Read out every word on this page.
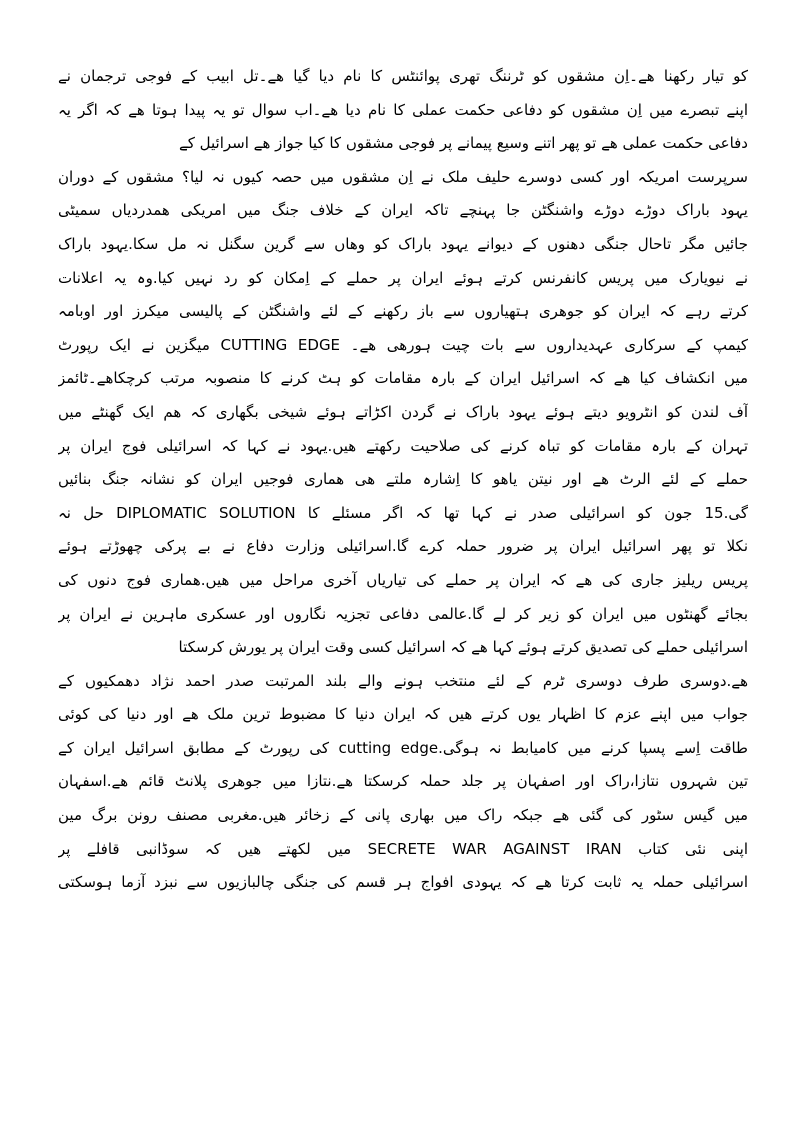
کو تیار رکھنا ھے۔اِن مشقوں کو ٹرننگ تھری پوائنٹس کا نام دیا گیا ھے۔تل ابیب کے فوجی ترجمان نے
اپنے تبصرے میں اِن مشقوں کو دفاعی حکمت عملی کا نام دیا ھے۔اب سوال تو یہ پیدا ہوتا ھے کہ اگر یہ
دفاعی حکمت عملی ھے تو پھر اتنے وسیع پیمانے پر فوجی مشقوں کا کیا جواز ھے اسرائیل کے
سرپرست امریکہ اور کسی دوسرے حلیف ملک نے اِن مشقوں میں حصہ کیوں نہ لیا؟ مشقوں کے دوران
یہود باراک دوڑے دوڑے واشنگٹن جا پہنچے تاکہ ایران کے خلاف جنگ میں امریکی ھمدردیاں سمیٹی
جائیں مگر تاحال جنگی دھنوں کے دیوانے یہود باراک کو وھاں سے گرین سگنل نہ مل سکا.یہود باراک
نے نیویارک میں پریس کانفرنس کرتے ہوئے ایران پر حملے کے اِمکان کو رد نہیں کیا.وہ یہ اعلانات
کرتے رہے کہ ایران کو جوھری ہتھیاروں سے باز رکھنے کے لئے واشنگٹن کے پالیسی میکرز اور اوبامہ
کیمپ کے سرکاری عہدیداروں سے بات چیت ہورھی ھے۔ CUTTING EDGE میگزین نے ایک رپورٹ
میں انکشاف کیا ھے کہ اسرائیل ایران کے بارہ مقامات کو ہٹ کرنے کا منصوبہ مرتب کرچکاھے۔ٹائمز
آف لندن کو انٹرویو دیتے ہوئے یہود باراک نے گردن اکڑاتے ہوئے شیخی بگھاری کہ ھم ایک گھنٹے میں
تہران کے بارہ مقامات کو تباہ کرنے کی صلاحیت رکھتے ھیں.یہود نے کہا کہ اسرائیلی فوج ایران پر
حملے کے لئے الرٹ ھے اور نیتن یاھو کا اِشارہ ملتے ھی ھماری فوجیں ایران کو نشانہ جنگ بنائیں
گی.15 جون کو اسرائیلی صدر نے کہا تھا کہ اگر مسئلے کا DIPLOMATIC SOLUTION حل نہ
نکلا تو پھر اسرائیل ایران پر ضرور حملہ کرے گا.اسرائیلی وزارت دفاع نے بے پرکی چھوڑتے ہوئے
پریس ریلیز جاری کی ھے کہ ایران پر حملے کی تیاریاں آخری مراحل میں ھیں.ھماری فوج دنوں کی
بجائے گھنٹوں میں ایران کو زیر کر لے گا.عالمی دفاعی تجزیہ نگاروں اور عسکری ماہرین نے ایران پر
اسرائیلی حملے کی تصدیق کرتے ہوئے کہا ھے کہ اسرائیل کسی وقت ایران پر یورش کرسکتا
ھے.دوسری طرف دوسری ٹرم کے لئے منتخب ہونے والے بلند المرتبت صدر احمد نژاد دھمکیوں کے
جواب میں اپنے عزم کا اظہار یوں کرتے ھیں کہ ایران دنیا کا مضبوط ترین ملک ھے اور دنیا کی کوئی
طاقت اِسے پسپا کرنے میں کامیابط نہ ہوگی.cutting edge کی رپورٹ کے مطابق اسرائیل ایران کے
تین شہروں نتازا،راک اور اصفہان پر جلد حملہ کرسکتا ھے.نتازا میں جوھری پلانٹ قائم ھے.اسفہان
میں گیس سٹور کی گئی ھے جبکہ راک میں بھاری پانی کے زخائر ھیں.مغربی مصنف رونن برگ مین
اپنی نئی کتاب SECRETE WAR AGAINST IRAN میں لکھتے ھیں کہ سوڈانبی قافلے پر
اسرائیلی حملہ یہ ثابت کرتا ھے کہ یہودی افواج ہر قسم کی جنگی چالبازیوں سے نبزد آزما ہوسکتی
